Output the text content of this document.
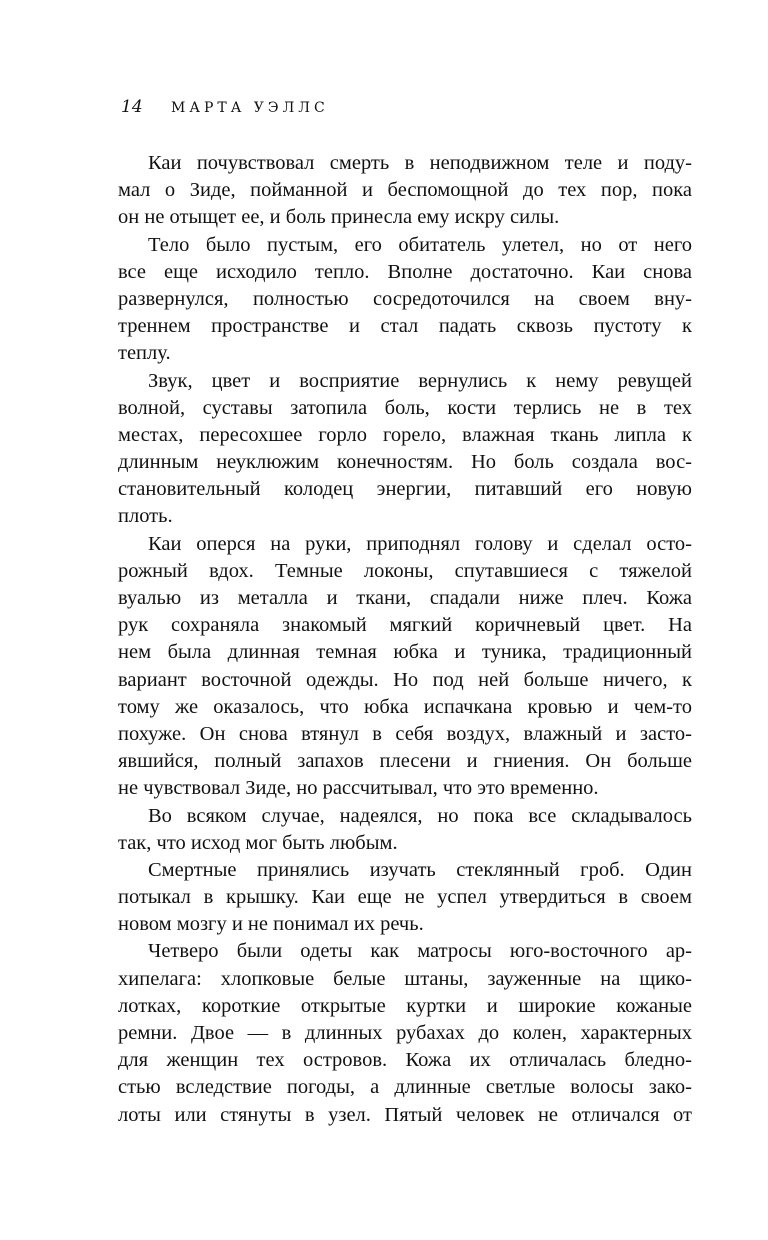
14	МАРТА УЭЛЛС

Каи почувствовал смерть в неподвижном теле и поду-
мал о Зиде, пойманной и беспомощной до тех пор, пока
он не отыщет ее, и боль принесла ему искру силы.

Тело было пустым, его обитатель улетел, но от него
все еще исходило тепло. Вполне достаточно. Каи снова
развернулся, полностью сосредоточился на своем вну-
треннем пространстве и стал падать сквозь пустоту к
теплу.

Звук, цвет и восприятие вернулись к нему ревущей
волной, суставы затопила боль, кости терлись не в тех
местах, пересохшее горло горело, влажная ткань липла к
длинным неуклюжим конечностям. Но боль создала вос-
становительный колодец энергии, питавший его новую
плоть.

Каи оперся на руки, приподнял голову и сделал осто-
рожный вдох. Темные локоны, спутавшиеся с тяжелой
вуалью из металла и ткани, спадали ниже плеч. Кожа
рук сохраняла знакомый мягкий коричневый цвет. На
нем была длинная темная юбка и туника, традиционный
вариант восточной одежды. Но под ней больше ничего, к
тому же оказалось, что юбка испачкана кровью и чем-то
похуже. Он снова втянул в себя воздух, влажный и засто-
явшийся, полный запахов плесени и гниения. Он больше
не чувствовал Зиде, но рассчитывал, что это временно.

Во всяком случае, надеялся, но пока все складывалось
так, что исход мог быть любым.

Смертные принялись изучать стеклянный гроб. Один
потыкал в крышку. Каи еще не успел утвердиться в своем
новом мозгу и не понимал их речь.

Четверо были одеты как матросы юго-восточного ар-
хипелага: хлопковые белые штаны, зауженные на щико-
лотках, короткие открытые куртки и широкие кожаные
ремни. Двое — в длинных рубахах до колен, характерных
для женщин тех островов. Кожа их отличалась бледно-
стью вследствие погоды, а длинные светлые волосы зако-
лоты или стянуты в узел. Пятый человек не отличался от
